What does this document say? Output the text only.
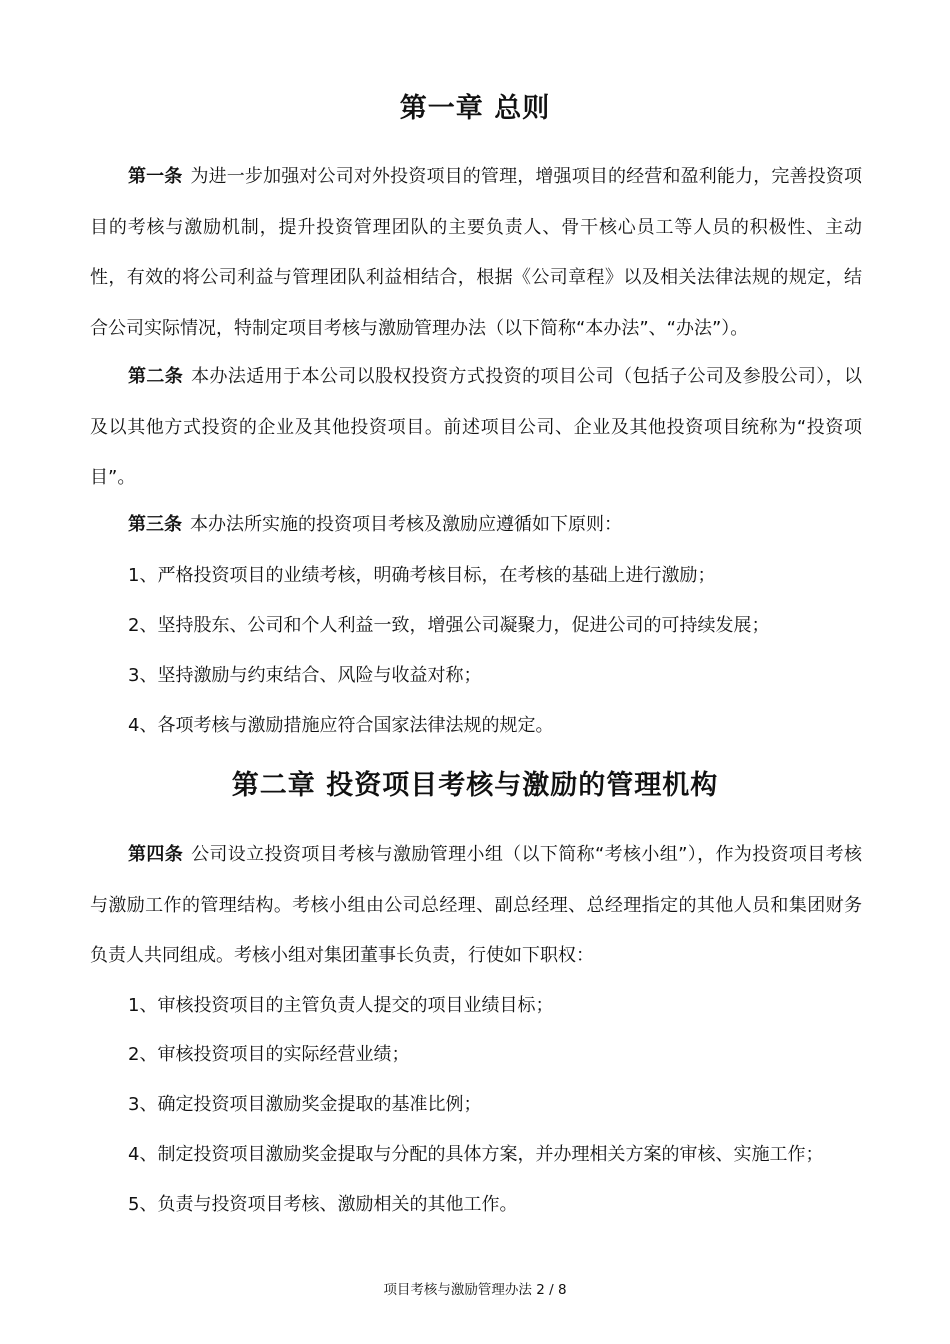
第一章 总则

第一条 为进一步加强对公司对外投资项目的管理，增强项目的经营和盈利能力，完善投资项目的考核与激励机制，提升投资管理团队的主要负责人、骨干核心员工等人员的积极性、主动性，有效的将公司利益与管理团队利益相结合，根据《公司章程》以及相关法律法规的规定，结合公司实际情况，特制定项目考核与激励管理办法（以下简称“本办法”、“办法”）。

第二条 本办法适用于本公司以股权投资方式投资的项目公司（包括子公司及参股公司），以及以其他方式投资的企业及其他投资项目。前述项目公司、企业及其他投资项目统称为“投资项目”。

第三条 本办法所实施的投资项目考核及激励应遵循如下原则：

1、严格投资项目的业绩考核，明确考核目标，在考核的基础上进行激励；

2、坚持股东、公司和个人利益一致，增强公司凝聚力，促进公司的可持续发展；

3、坚持激励与约束结合、风险与收益对称；

4、各项考核与激励措施应符合国家法律法规的规定。

第二章 投资项目考核与激励的管理机构

第四条 公司设立投资项目考核与激励管理小组（以下简称“考核小组”），作为投资项目考核与激励工作的管理结构。考核小组由公司总经理、副总经理、总经理指定的其他人员和集团财务负责人共同组成。考核小组对集团董事长负责，行使如下职权：

1、审核投资项目的主管负责人提交的项目业绩目标；

2、审核投资项目的实际经营业绩；

3、确定投资项目激励奖金提取的基准比例；

4、制定投资项目激励奖金提取与分配的具体方案，并办理相关方案的审核、实施工作；

5、负责与投资项目考核、激励相关的其他工作。

项目考核与激励管理办法 2 / 8
